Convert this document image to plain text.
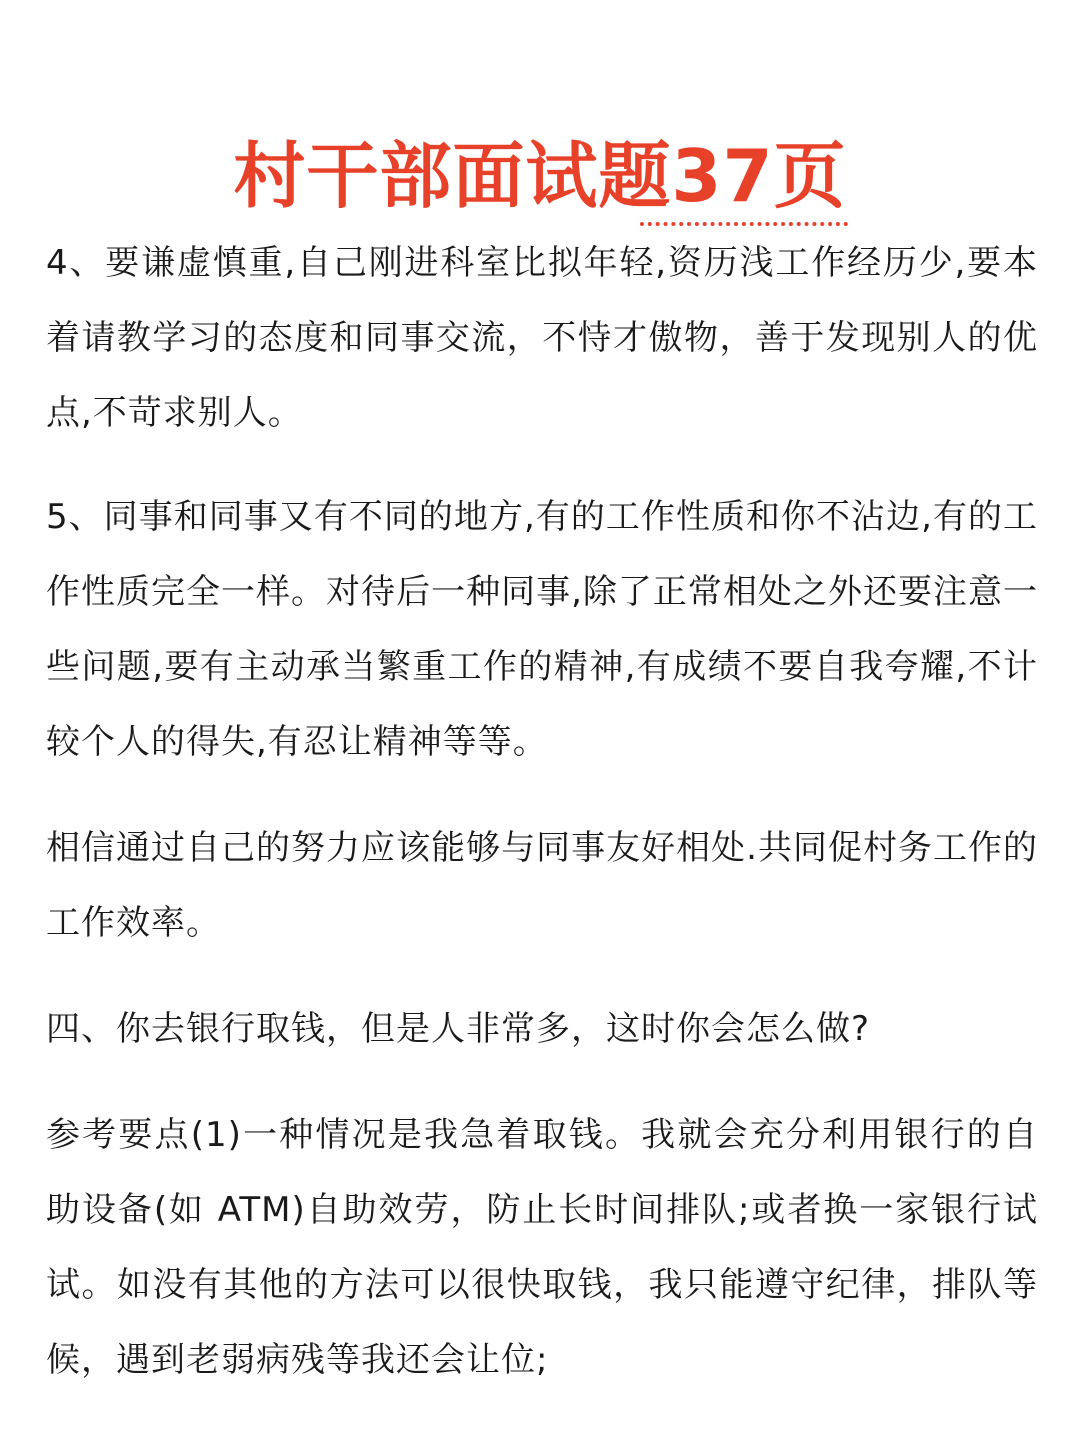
村干部面试题37页

4、要谦虚慎重,自己刚进科室比拟年轻,资历浅工作经历少,要本着请教学习的态度和同事交流，不恃才傲物，善于发现别人的优点,不苛求别人。

5、同事和同事又有不同的地方,有的工作性质和你不沾边,有的工作性质完全一样。对待后一种同事,除了正常相处之外还要注意一些问题,要有主动承当繁重工作的精神,有成绩不要自我夸耀,不计较个人的得失,有忍让精神等等。

相信通过自己的努力应该能够与同事友好相处.共同促村务工作的工作效率。

四、你去银行取钱，但是人非常多，这时你会怎么做?

参考要点(1)一种情况是我急着取钱。我就会充分利用银行的自助设备(如 ATM)自助效劳，防止长时间排队;或者换一家银行试试。如没有其他的方法可以很快取钱，我只能遵守纪律，排队等候，遇到老弱病残等我还会让位;
